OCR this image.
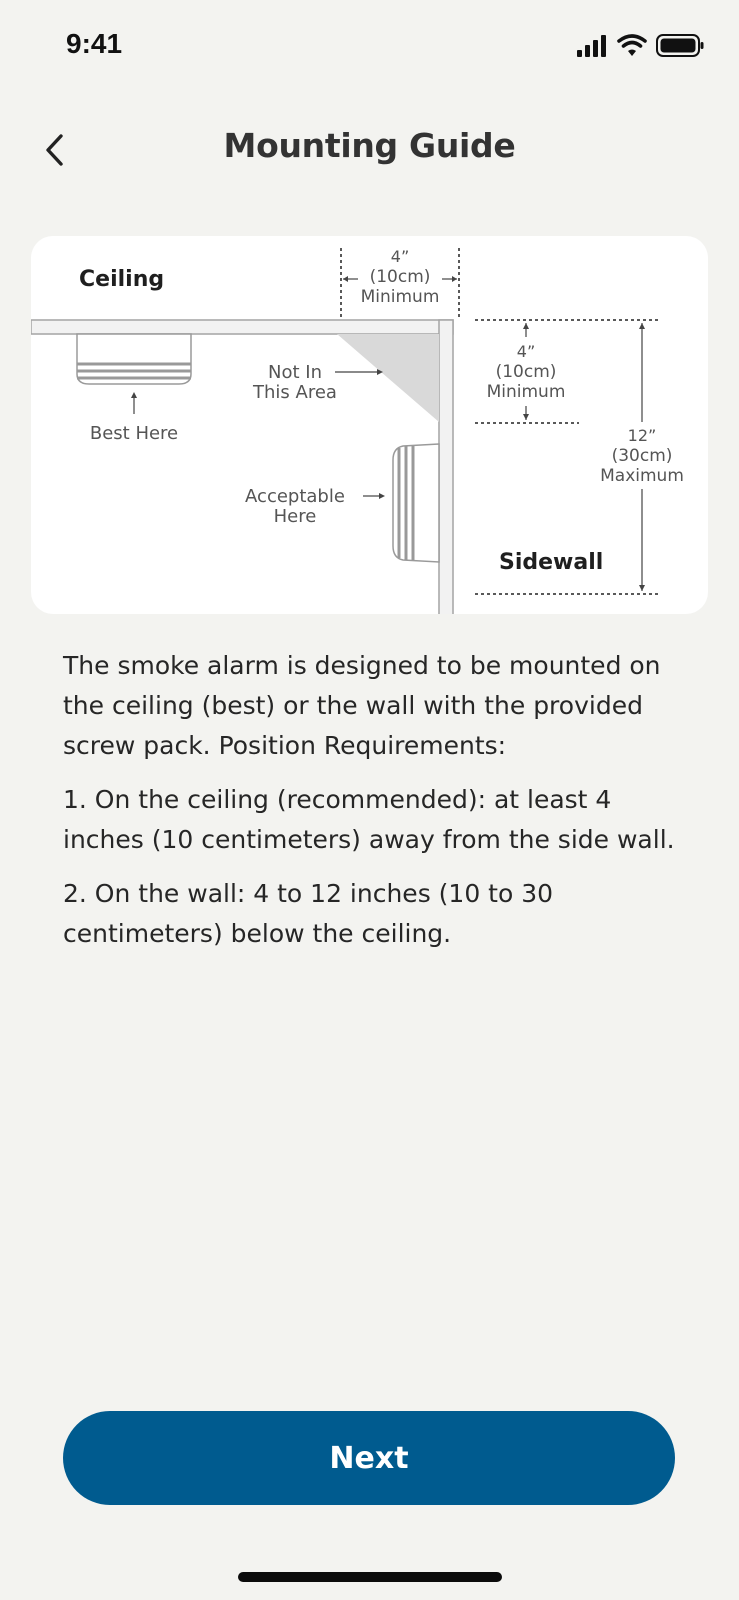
9:41
Mounting Guide
Ceiling
4”
(10cm)
Minimum
4”
(10cm)
Minimum
12”
(30cm)
Maximum
Sidewall
Not In
This Area
Acceptable
Here
Best Here

The smoke alarm is designed to be mounted on the ceiling (best) or the wall with the provided screw pack. Position Requirements:

1. On the ceiling (recommended): at least 4 inches (10 centimeters) away from the side wall.

2. On the wall: 4 to 12 inches (10 to 30 centimeters) below the ceiling.

Next
